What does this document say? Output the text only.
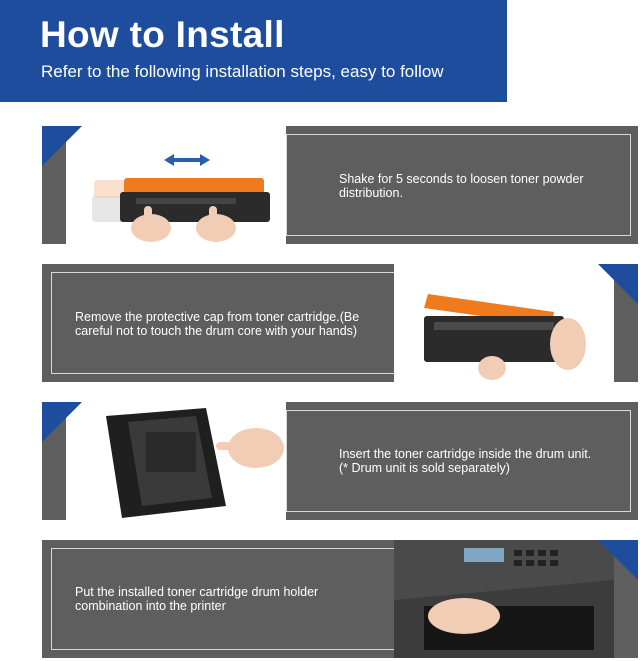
How to Install

Refer to the following installation steps, easy to follow

Shake for 5 seconds to loosen toner powder
distribution.
Remove the protective cap from toner cartridge.(Be
careful not to touch the drum core with your hands)
Insert the toner cartridge inside the drum unit.
(* Drum unit is sold separately)
Put the installed toner cartridge drum holder
combination into the printer
